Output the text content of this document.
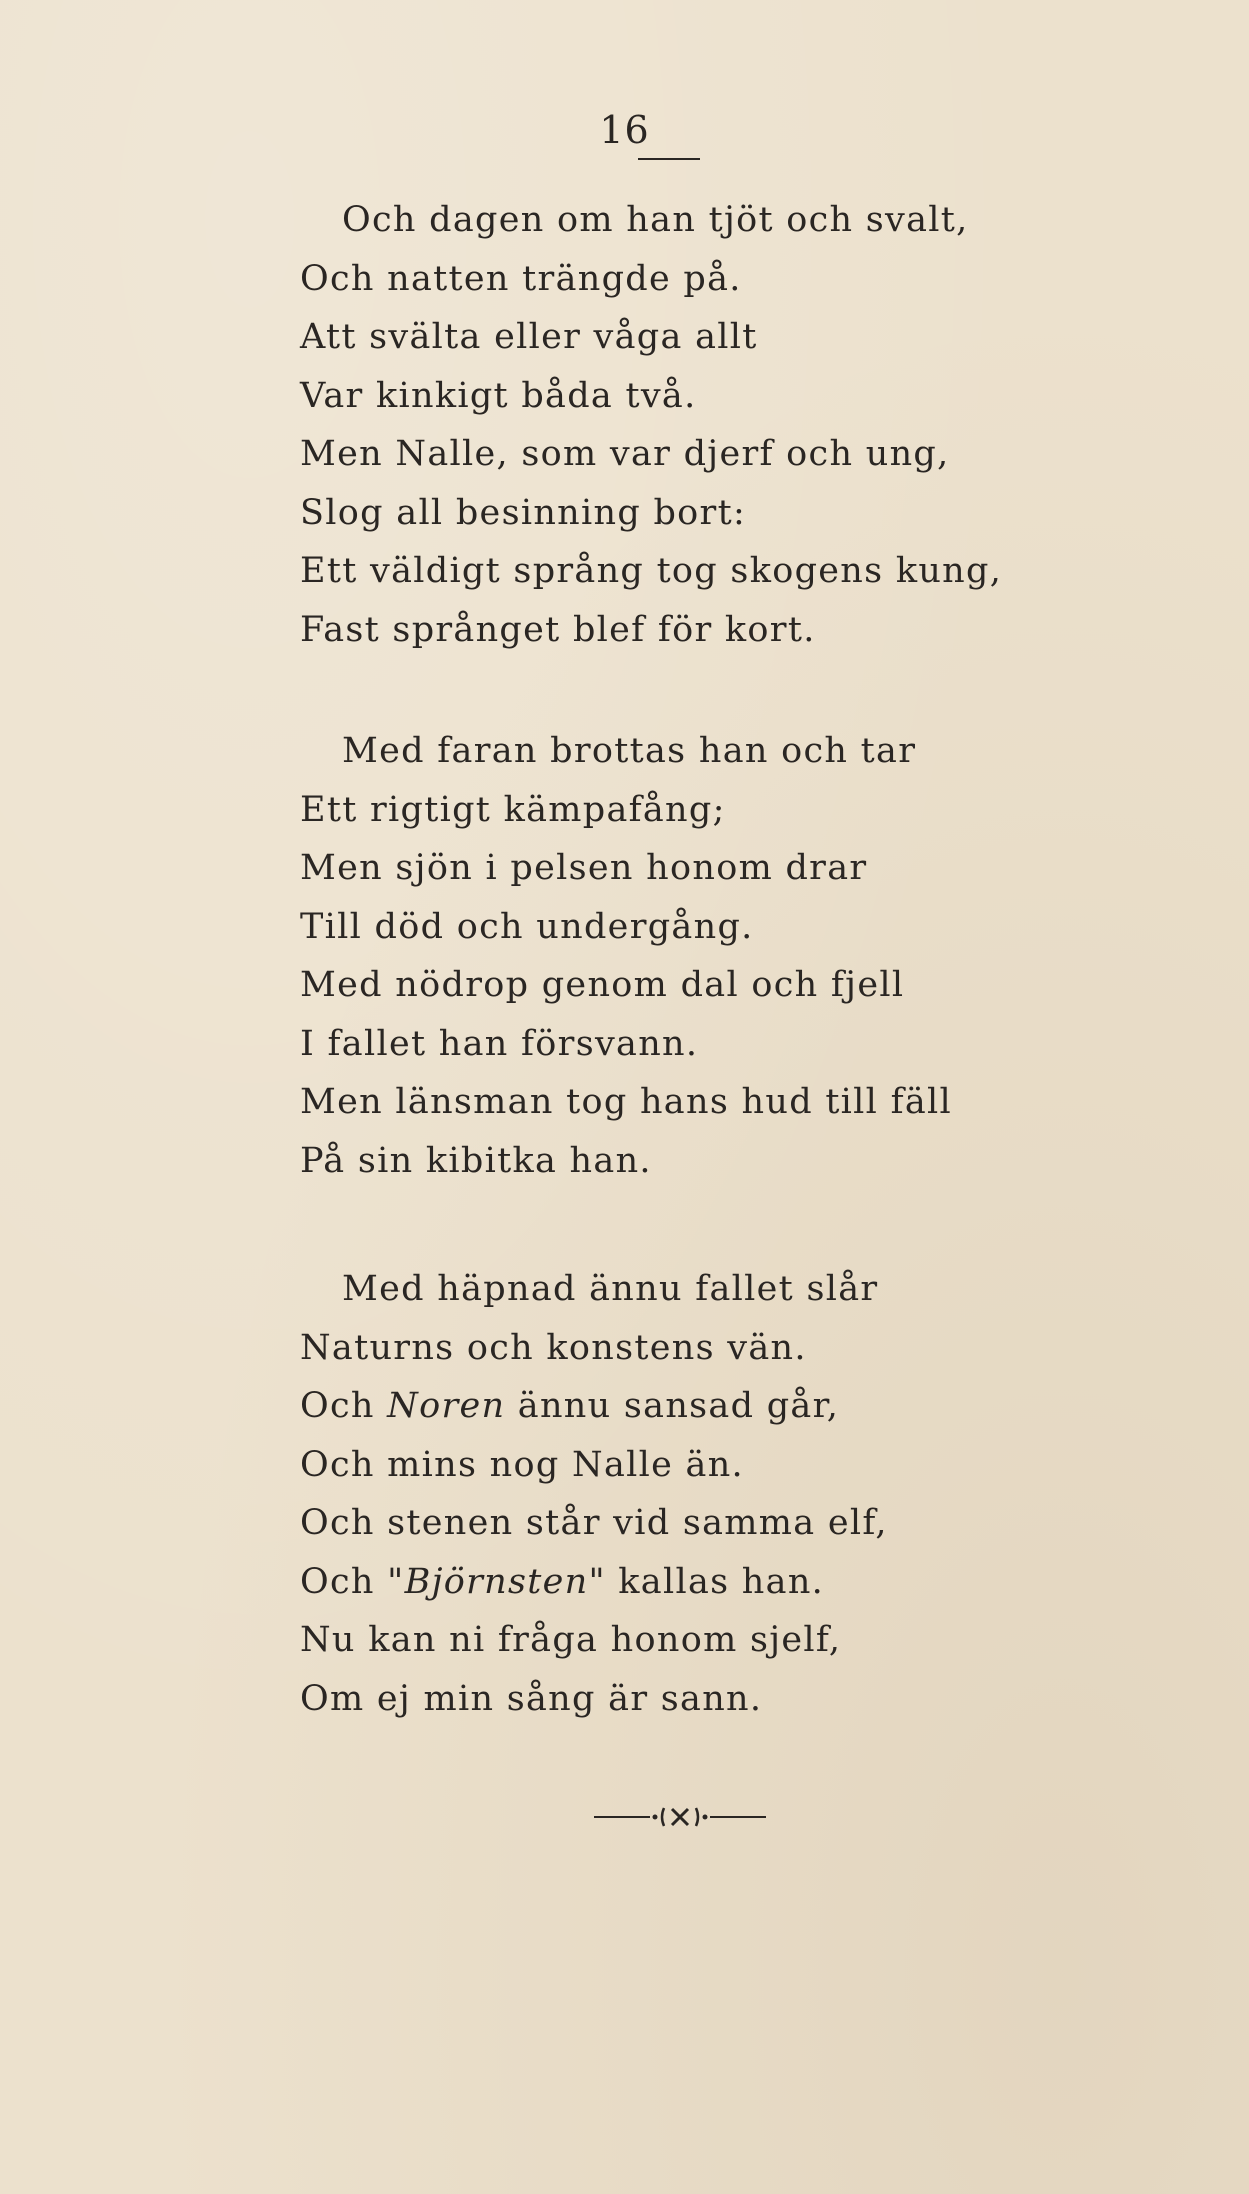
16
Och dagen om han tjöt och svalt,
Och natten trängde på.
Att svälta eller våga allt
Var kinkigt båda två.
Men Nalle, som var djerf och ung,
Slog all besinning bort:
Ett väldigt språng tog skogens kung,
Fast språnget blef för kort.
Med faran brottas han och tar
Ett rigtigt kämpafång;
Men sjön i pelsen honom drar
Till död och undergång.
Med nödrop genom dal och fjell
I fallet han försvann.
Men länsman tog hans hud till fäll
På sin kibitka han.
Med häpnad ännu fallet slår
Naturns och konstens vän.
Och Noren ännu sansad går,
Och mins nog Nalle än.
Och stenen står vid samma elf,
Och "Björnsten" kallas han.
Nu kan ni fråga honom sjelf,
Om ej min sång är sann.
